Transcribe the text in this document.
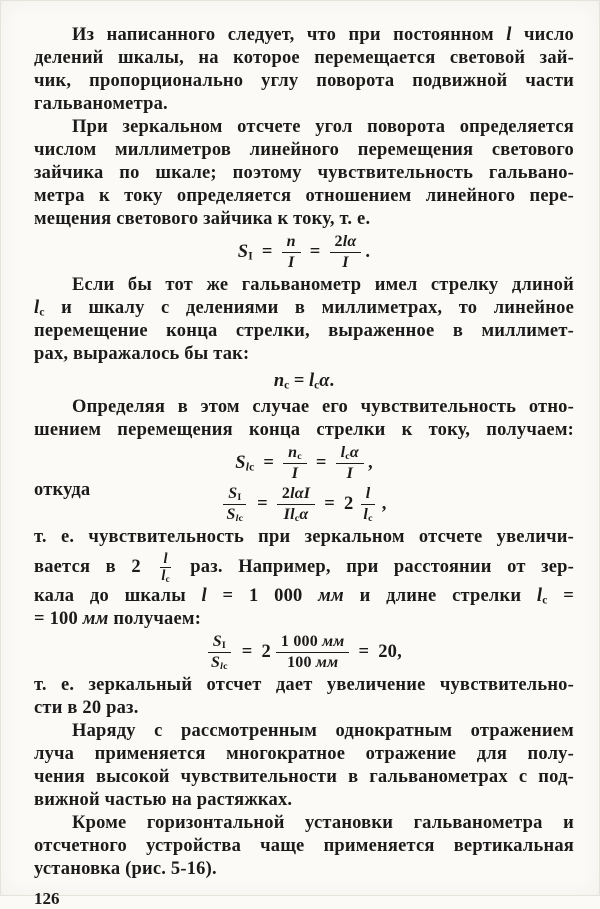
Из написанного следует, что при постоянном l число
делений шкалы, на которое перемещается световой зай-
чик, пропорционально углу поворота подвижной части
гальванометра.
При зеркальном отсчете угол поворота определяется
числом миллиметров линейного перемещения светового
зайчика по шкале; поэтому чувствительность гальвано-
метра к току определяется отношением линейного пере-
мещения светового зайчика к току, т. е.
$S_I = \frac{n}{I} = \frac{2l\alpha}{I}$ .
Если бы тот же гальванометр имел стрелку длиной
$l_с$ и шкалу с делениями в миллиметрах, то линейное
перемещение конца стрелки, выраженное в миллимет-
рах, выражалось бы так:
$n_с = l_с\alpha$.
Определяя в этом случае его чувствительность отно-
шением перемещения конца стрелки к току, получаем:
$S_{lс} = \frac{n_с}{I} = \frac{l_с\alpha}{I}$ ,
откуда	$\frac{S_I}{S_{lс}} = \frac{\text{2lαI}}{Il_с\alpha} = 2 \frac{l}{l_с}$ ,
т. е. чувствительность при зеркальном отсчете увеличи-
вается в $2 \frac{l}{l_с}$ раз. Например, при расстоянии от зер-
кала до шкалы l = 1 000 мм и длине стрелки $l_с$ =
= 100 мм получаем:
$\frac{S_I}{S_{lс}} = 2 \frac{1 000 мм}{100 мм} = 20$,
т. е. зеркальный отсчет дает увеличение чувствительно-
сти в 20 раз.
Наряду с рассмотренным однократным отражением
луча применяется многократное отражение для полу-
чения высокой чувствительности в гальванометрах с под-
вижной частью на растяжках.
Кроме горизонтальной установки гальванометра и
отсчетного устройства чаще применяется вертикальная
установка (рис. 5-16).
126
